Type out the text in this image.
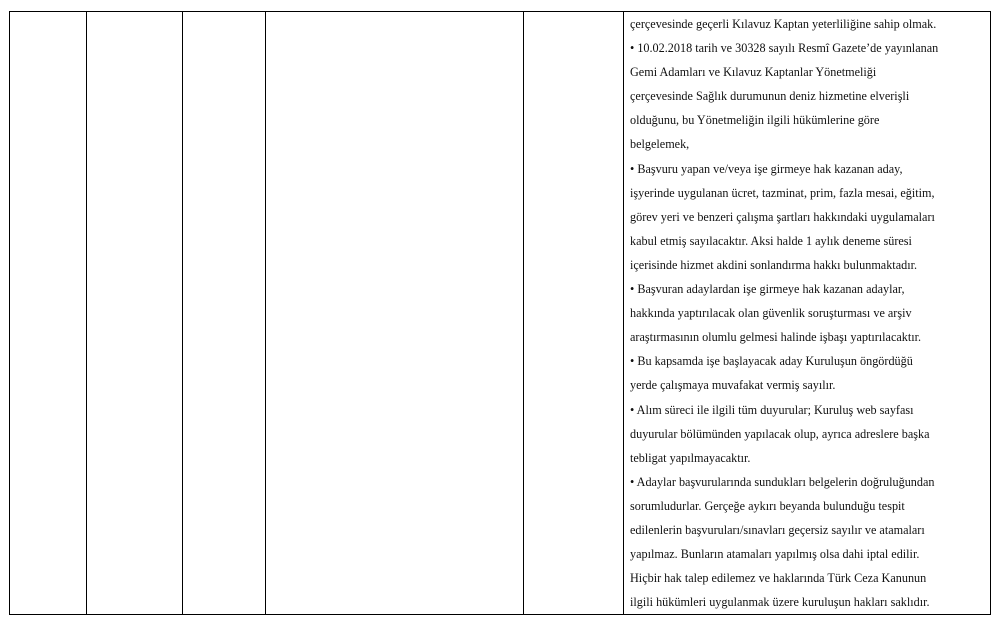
çerçevesinde geçerli Kılavuz Kaptan yeterliliğine sahip olmak.
• 10.02.2018 tarih ve 30328 sayılı Resmî Gazete’de yayınlanan
Gemi Adamları ve Kılavuz Kaptanlar Yönetmeliği
çerçevesinde Sağlık durumunun deniz hizmetine elverişli
olduğunu, bu Yönetmeliğin ilgili hükümlerine göre
belgelemek,
• Başvuru yapan ve/veya işe girmeye hak kazanan aday,
işyerinde uygulanan ücret, tazminat, prim, fazla mesai, eğitim,
görev yeri ve benzeri çalışma şartları hakkındaki uygulamaları
kabul etmiş sayılacaktır. Aksi halde 1 aylık deneme süresi
içerisinde hizmet akdini sonlandırma hakkı bulunmaktadır.
• Başvuran adaylardan işe girmeye hak kazanan adaylar,
hakkında yaptırılacak olan güvenlik soruşturması ve arşiv
araştırmasının olumlu gelmesi halinde işbaşı yaptırılacaktır.
• Bu kapsamda işe başlayacak aday Kuruluşun öngördüğü
yerde çalışmaya muvafakat vermiş sayılır.
• Alım süreci ile ilgili tüm duyurular; Kuruluş web sayfası
duyurular bölümünden yapılacak olup, ayrıca adreslere başka
tebligat yapılmayacaktır.
• Adaylar başvurularında sundukları belgelerin doğruluğundan
sorumludurlar. Gerçeğe aykırı beyanda bulunduğu tespit
edilenlerin başvuruları/sınavları geçersiz sayılır ve atamaları
yapılmaz. Bunların atamaları yapılmış olsa dahi iptal edilir.
Hiçbir hak talep edilemez ve haklarında Türk Ceza Kanunun
ilgili hükümleri uygulanmak üzere kuruluşun hakları saklıdır.
